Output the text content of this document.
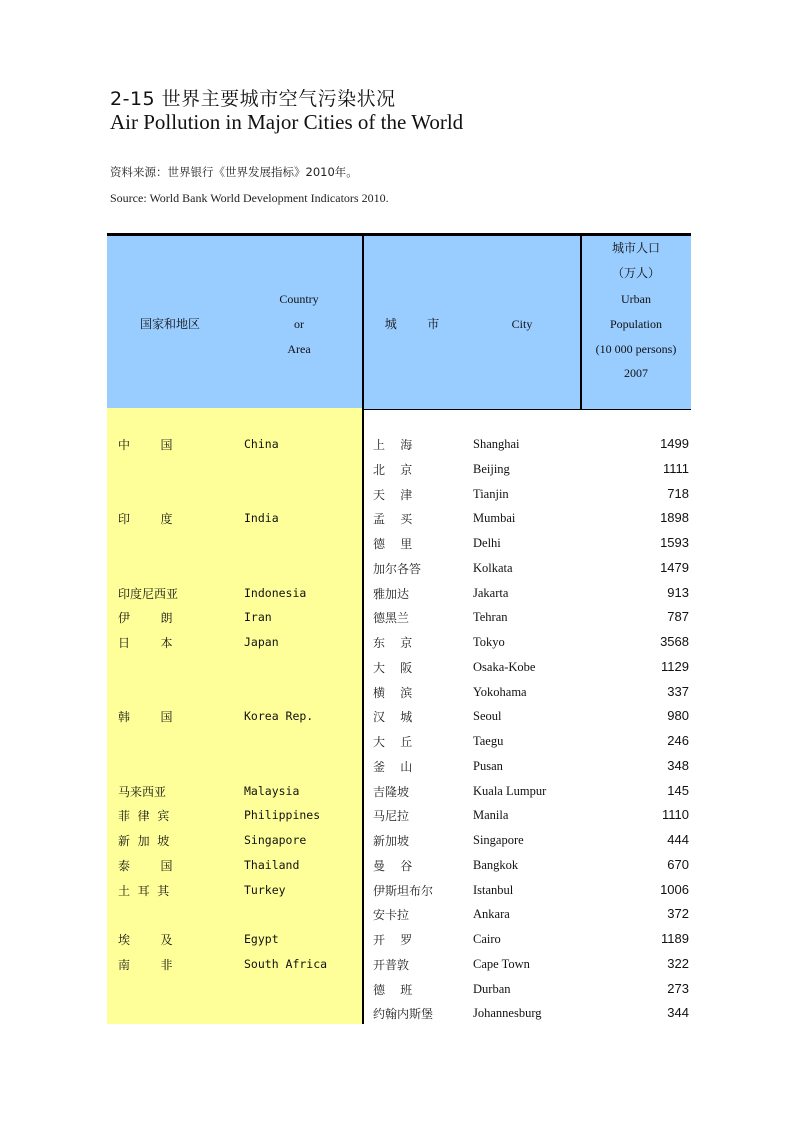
2-15 世界主要城市空气污染状况
Air Pollution in Major Cities of the World
资料来源：世界银行《世界发展指标》2010年。
Source: World Bank World Development Indicators 2010.
国家和地区
Country
or
Area
城        市	City
城市人口
（万人）
Urban
Population
(10 000 persons)
2007
中        国	China	上    海	Shanghai	1499
北    京	Beijing	1111
天    津	Tianjin	718
印        度	India	孟    买	Mumbai	1898
德    里	Delhi	1593
加尔各答	Kolkata	1479
印度尼西亚	Indonesia	雅加达	Jakarta	913
伊        朗	Iran	德黑兰	Tehran	787
日        本	Japan	东    京	Tokyo	3568
大    阪	Osaka-Kobe	1129
横    滨	Yokohama	337
韩        国	Korea Rep.	汉    城	Seoul	980
大    丘	Taegu	246
釜    山	Pusan	348
马来西亚	Malaysia	吉隆坡	Kuala Lumpur	145
菲  律  宾	Philippines	马尼拉	Manila	1110
新  加  坡	Singapore	新加坡	Singapore	444
泰        国	Thailand	曼    谷	Bangkok	670
土  耳  其	Turkey	伊斯坦布尔	Istanbul	1006
安卡拉	Ankara	372
埃        及	Egypt	开    罗	Cairo	1189
南        非	South Africa	开普敦	Cape Town	322
德    班	Durban	273
约翰内斯堡	Johannesburg	344
